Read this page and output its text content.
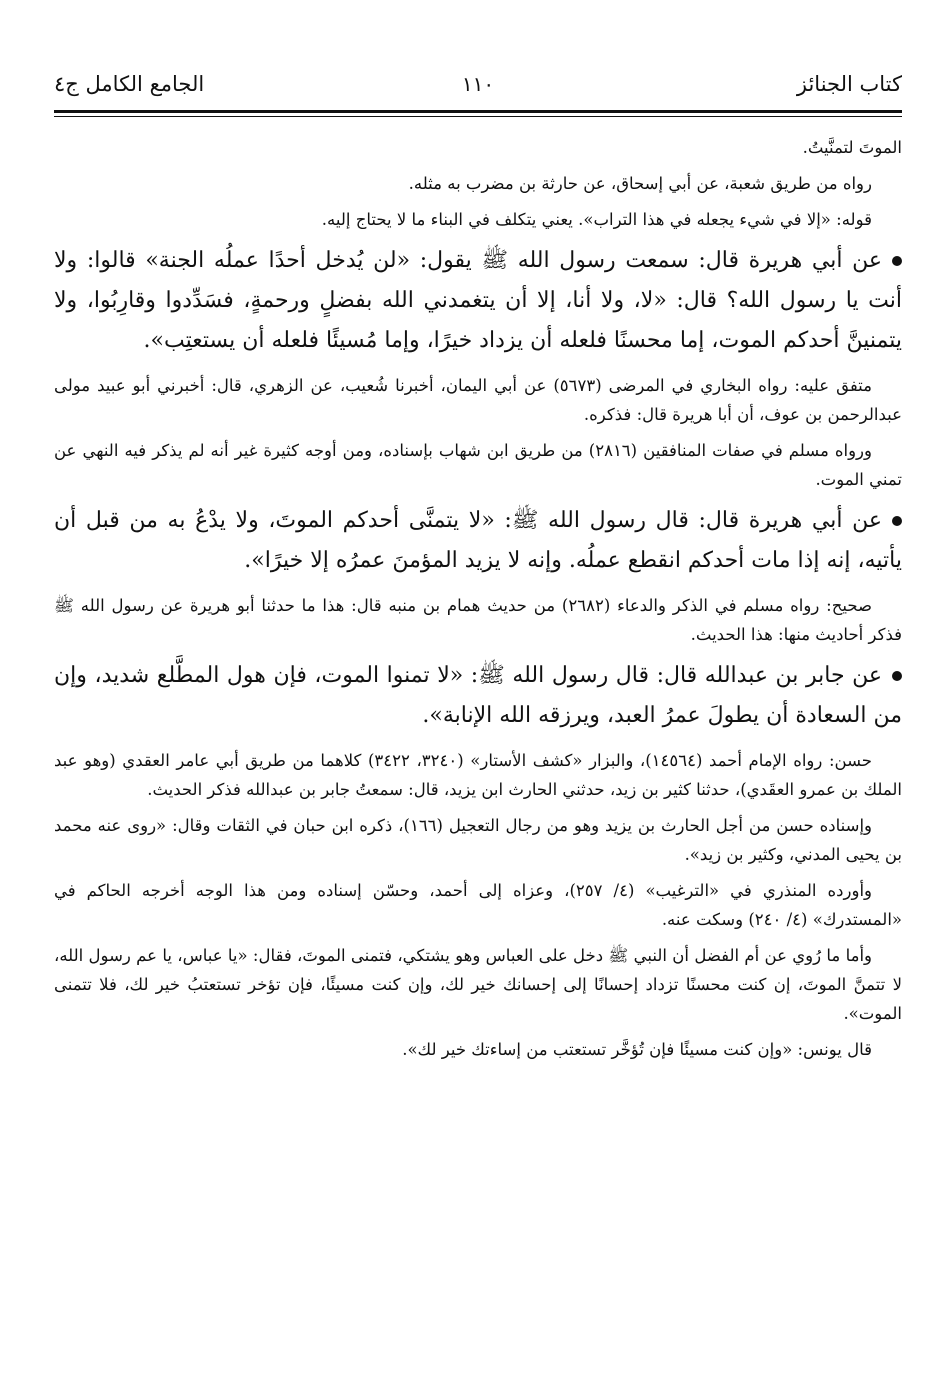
كتاب الجنائز
١١٠
الجامع الكامل ج٤

الموتَ لتمنَّيتُ.

رواه من طريق شعبة، عن أبي إسحاق، عن حارثة بن مضرب به مثله.

قوله: «إلا في شيء يجعله في هذا التراب». يعني يتكلف في البناء ما لا يحتاج إليه.

عن أبي هريرة قال: سمعت رسول الله ﷺ يقول: «لن يُدخل أحدًا عملُه الجنة» قالوا: ولا أنت يا رسول الله؟ قال: «لا، ولا أنا، إلا أن يتغمدني الله بفضلٍ ورحمةٍ، فسَدِّدوا وقارِبُوا، ولا يتمنينَّ أحدكم الموت، إما محسنًا فلعله أن يزداد خيرًا، وإما مُسيئًا فلعله أن يستعتِب».

متفق عليه: رواه البخاري في المرضى (٥٦٧٣) عن أبي اليمان، أخبرنا شُعيب، عن الزهري، قال: أخبرني أبو عبيد مولى عبدالرحمن بن عوف، أن أبا هريرة قال: فذكره.

ورواه مسلم في صفات المنافقين (٢٨١٦) من طريق ابن شهاب بإسناده، ومن أوجه كثيرة غير أنه لم يذكر فيه النهي عن تمني الموت.

عن أبي هريرة قال: قال رسول الله ﷺ: «لا يتمنَّى أحدكم الموتَ، ولا يدْعُ به من قبل أن يأتيه، إنه إذا مات أحدكم انقطع عملُه. وإنه لا يزيد المؤمنَ عمرُه إلا خيرًا».

صحيح: رواه مسلم في الذكر والدعاء (٢٦٨٢) من حديث همام بن منبه قال: هذا ما حدثنا أبو هريرة عن رسول الله ﷺ فذكر أحاديث منها: هذا الحديث.

عن جابر بن عبدالله قال: قال رسول الله ﷺ: «لا تمنوا الموت، فإن هول المطَّلع شديد، وإن من السعادة أن يطولَ عمرُ العبد، ويرزقه الله الإنابة».

حسن: رواه الإمام أحمد (١٤٥٦٤)، والبزار «كشف الأستار» (٣٢٤٠، ٣٤٢٢) كلاهما من طريق أبي عامر العقدي (وهو عبد الملك بن عمرو العقَدي)، حدثنا كثير بن زيد، حدثني الحارث ابن يزيد، قال: سمعتُ جابر بن عبدالله فذكر الحديث.

وإسناده حسن من أجل الحارث بن يزيد وهو من رجال التعجيل (١٦٦)، ذكره ابن حبان في الثقات وقال: «روى عنه محمد بن يحيى المدني، وكثير بن زيد».

وأورده المنذري في «الترغيب» (٤/ ٢٥٧)، وعزاه إلى أحمد، وحسّن إسناده ومن هذا الوجه أخرجه الحاكم في «المستدرك» (٤/ ٢٤٠) وسكت عنه.

وأما ما رُوي عن أم الفضل أن النبي ﷺ دخل على العباس وهو يشتكي، فتمنى الموتَ، فقال: «يا عباس، يا عم رسول الله، لا تتمنَّ الموتَ، إن كنت محسنًا تزداد إحسانًا إلى إحسانك خير لك، وإن كنت مسيئًا، فإن تؤخر تستعتبُ خير لك، فلا تتمنى الموت».

قال يونس: «وإن كنت مسيئًا فإن تُؤخَّر تستعتب من إساءتك خير لك».
